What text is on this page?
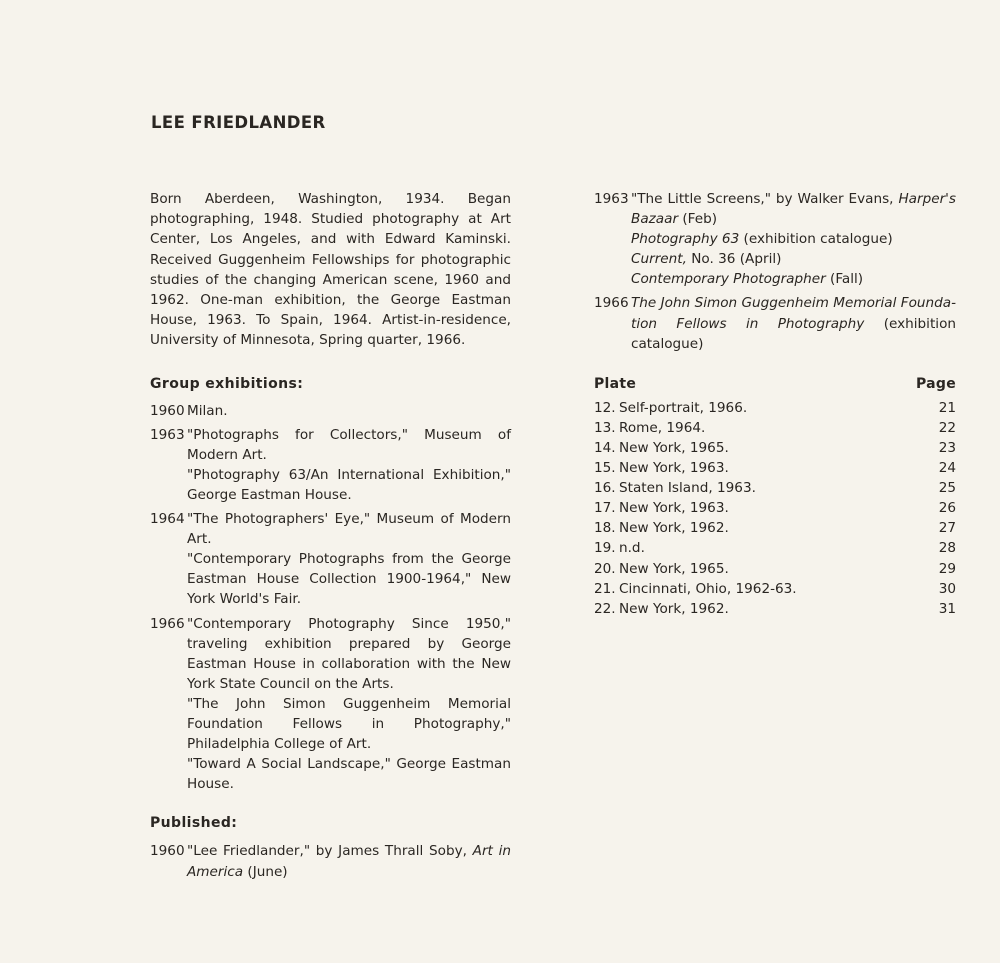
LEE FRIEDLANDER

Born Aberdeen, Washington, 1934. Began photographing, 1948. Studied photography at Art Center, Los Angeles, and with Edward Kaminski. Received Guggenheim Fellowships for photographic studies of the changing American scene, 1960 and 1962. One-man exhibition, the George Eastman House, 1963. To Spain, 1964. Artist-in-residence, University of Minnesota, Spring quarter, 1966.

Group exhibitions:
1960 Milan.
1963 "Photographs for Collectors," Museum of Modern Art.
"Photography 63/An International Exhibition," George Eastman House.
1964 "The Photographers' Eye," Museum of Modern Art.
"Contemporary Photographs from the George Eastman House Collection 1900-1964," New York World's Fair.
1966 "Contemporary Photography Since 1950," traveling exhibition prepared by George Eastman House in collaboration with the New York State Council on the Arts.
"The John Simon Guggenheim Memorial Foundation Fellows in Photography," Philadelphia College of Art.
"Toward A Social Landscape," George Eastman House.
Published:
1960 "Lee Friedlander," by James Thrall Soby, Art in America (June)
1963 "The Little Screens," by Walker Evans, Harper's Bazaar (Feb)
Photography 63 (exhibition catalogue)
Current, No. 36 (April)
Contemporary Photographer (Fall)
1966 The John Simon Guggenheim Memorial Foundation Fellows in Photography (exhibition catalogue)
Plate	Page
12. Self-portrait, 1966.	21
13. Rome, 1964.	22
14. New York, 1965.	23
15. New York, 1963.	24
16. Staten Island, 1963.	25
17. New York, 1963.	26
18. New York, 1962.	27
19. n.d.	28
20. New York, 1965.	29
21. Cincinnati, Ohio, 1962-63.	30
22. New York, 1962.	31
